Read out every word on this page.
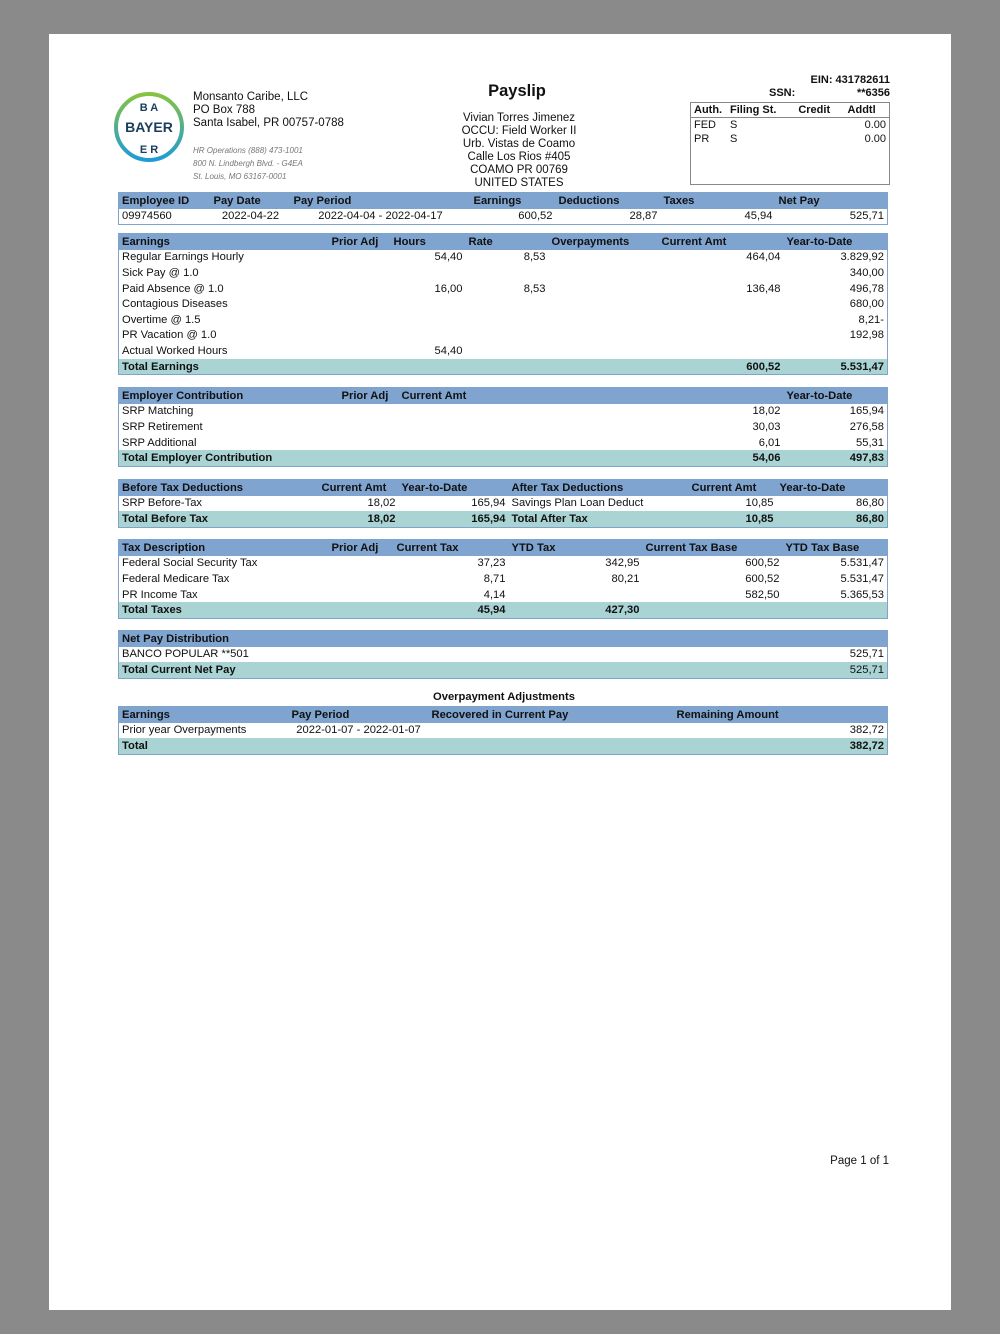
B A
BAYER
E R
Monsanto Caribe, LLC
PO Box 788
Santa Isabel, PR 00757-0788
HR Operations (888) 473-1001
800 N. Lindbergh Blvd. - G4EA
St. Louis, MO 63167-0001
Payslip
Vivian Torres Jimenez
OCCU: Field Worker II
Urb. Vistas de Coamo
Calle Los Rios #405
COAMO PR 00769
UNITED STATES
EIN: 431782611
SSN:	**6356
Auth.	Filing St.	Credit	Addtl
FED	S		0.00
PR	S		0.00
Employee ID	Pay Date	Pay Period	Earnings	Deductions	Taxes	Net Pay
09974560	2022-04-22	2022-04-04 - 2022-04-17	600,52	28,87	45,94	525,71
Earnings	Prior Adj	Hours	Rate	Overpayments	Current Amt	Year-to-Date
Regular Earnings Hourly		54,40	8,53		464,04	3.829,92
Sick Pay @ 1.0						340,00
Paid Absence @ 1.0		16,00	8,53		136,48	496,78
Contagious Diseases						680,00
Overtime @ 1.5						8,21-
PR Vacation @ 1.0						192,98
Actual Worked Hours		54,40				
Total Earnings					600,52	5.531,47
Employer Contribution	Prior Adj	Current Amt	Year-to-Date
SRP Matching		18,02	165,94
SRP Retirement		30,03	276,58
SRP Additional		6,01	55,31
Total Employer Contribution		54,06	497,83
Before Tax Deductions	Current Amt	Year-to-Date	After Tax Deductions	Current Amt	Year-to-Date
SRP Before-Tax	18,02	165,94	Savings Plan Loan Deduct	10,85	86,80
Total Before Tax	18,02	165,94	Total After Tax	10,85	86,80
Tax Description	Prior Adj	Current Tax	YTD Tax	Current Tax Base	YTD Tax Base
Federal Social Security Tax		37,23	342,95	600,52	5.531,47
Federal Medicare Tax		8,71	80,21	600,52	5.531,47
PR Income Tax		4,14		582,50	5.365,53
Total Taxes		45,94	427,30		
Net Pay Distribution	
BANCO POPULAR **501	525,71
Total Current Net Pay	525,71
Overpayment Adjustments
Earnings	Pay Period	Recovered in Current Pay	Remaining Amount
Prior year Overpayments	2022-01-07 - 2022-01-07		382,72
Total			382,72
Page 1 of 1
